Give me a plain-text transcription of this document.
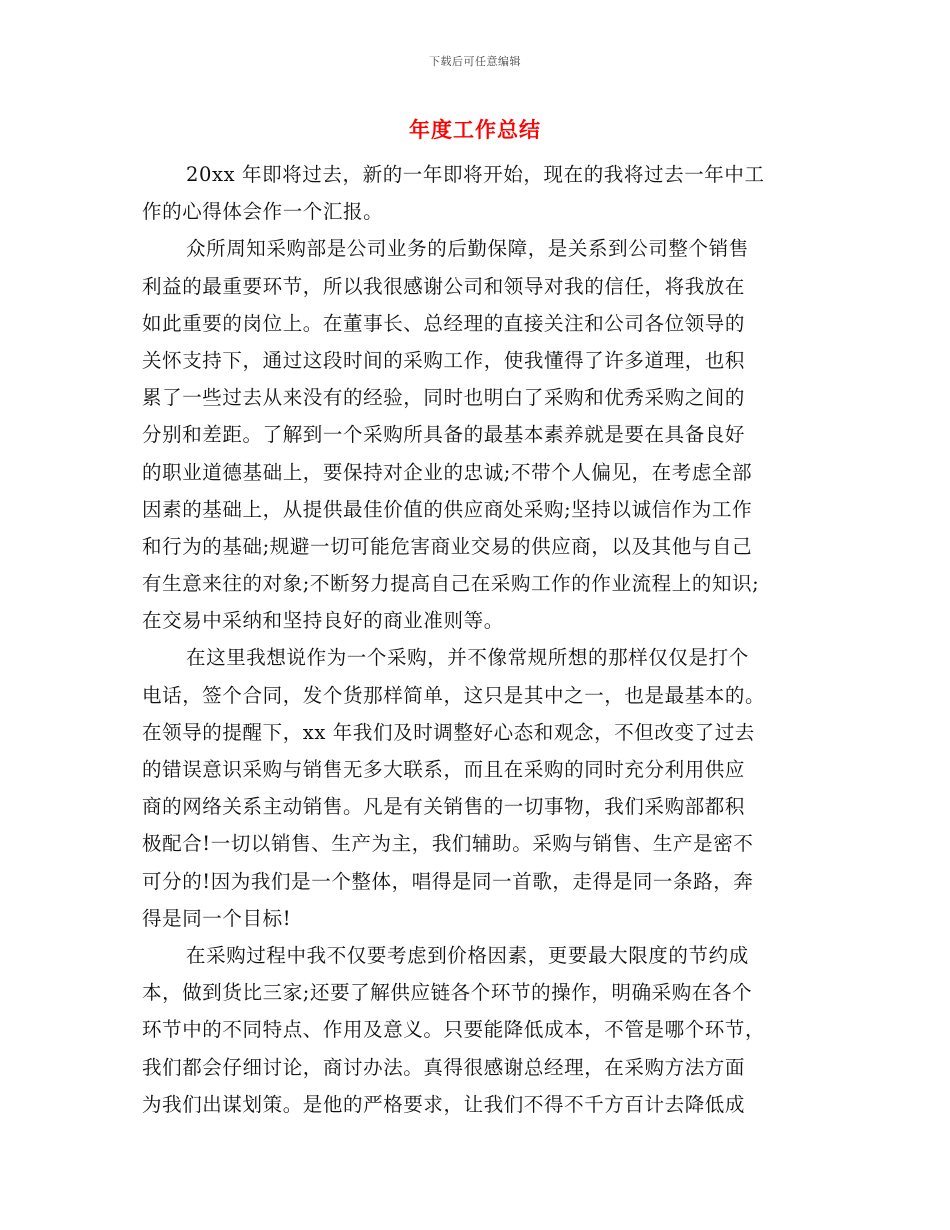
下载后可任意编辑
年度工作总结
20xx 年即将过去，新的一年即将开始，现在的我将过去一年中工
作的心得体会作一个汇报。
众所周知采购部是公司业务的后勤保障，是关系到公司整个销售
利益的最重要环节，所以我很感谢公司和领导对我的信任，将我放在
如此重要的岗位上。在董事长、总经理的直接关注和公司各位领导的
关怀支持下，通过这段时间的采购工作，使我懂得了许多道理，也积
累了一些过去从来没有的经验，同时也明白了采购和优秀采购之间的
分别和差距。了解到一个采购所具备的最基本素养就是要在具备良好
的职业道德基础上，要保持对企业的忠诚;不带个人偏见，在考虑全部
因素的基础上，从提供最佳价值的供应商处采购;坚持以诚信作为工作
和行为的基础;规避一切可能危害商业交易的供应商，以及其他与自己
有生意来往的对象;不断努力提高自己在采购工作的作业流程上的知识;
在交易中采纳和坚持良好的商业准则等。
在这里我想说作为一个采购，并不像常规所想的那样仅仅是打个
电话，签个合同，发个货那样简单，这只是其中之一，也是最基本的。
在领导的提醒下，xx 年我们及时调整好心态和观念，不但改变了过去
的错误意识采购与销售无多大联系，而且在采购的同时充分利用供应
商的网络关系主动销售。凡是有关销售的一切事物，我们采购部都积
极配合!一切以销售、生产为主，我们辅助。采购与销售、生产是密不
可分的!因为我们是一个整体，唱得是同一首歌，走得是同一条路，奔
得是同一个目标!
在采购过程中我不仅要考虑到价格因素，更要最大限度的节约成
本，做到货比三家;还要了解供应链各个环节的操作，明确采购在各个
环节中的不同特点、作用及意义。只要能降低成本，不管是哪个环节，
我们都会仔细讨论，商讨办法。真得很感谢总经理，在采购方法方面
为我们出谋划策。是他的严格要求，让我们不得不千方百计去降低成
